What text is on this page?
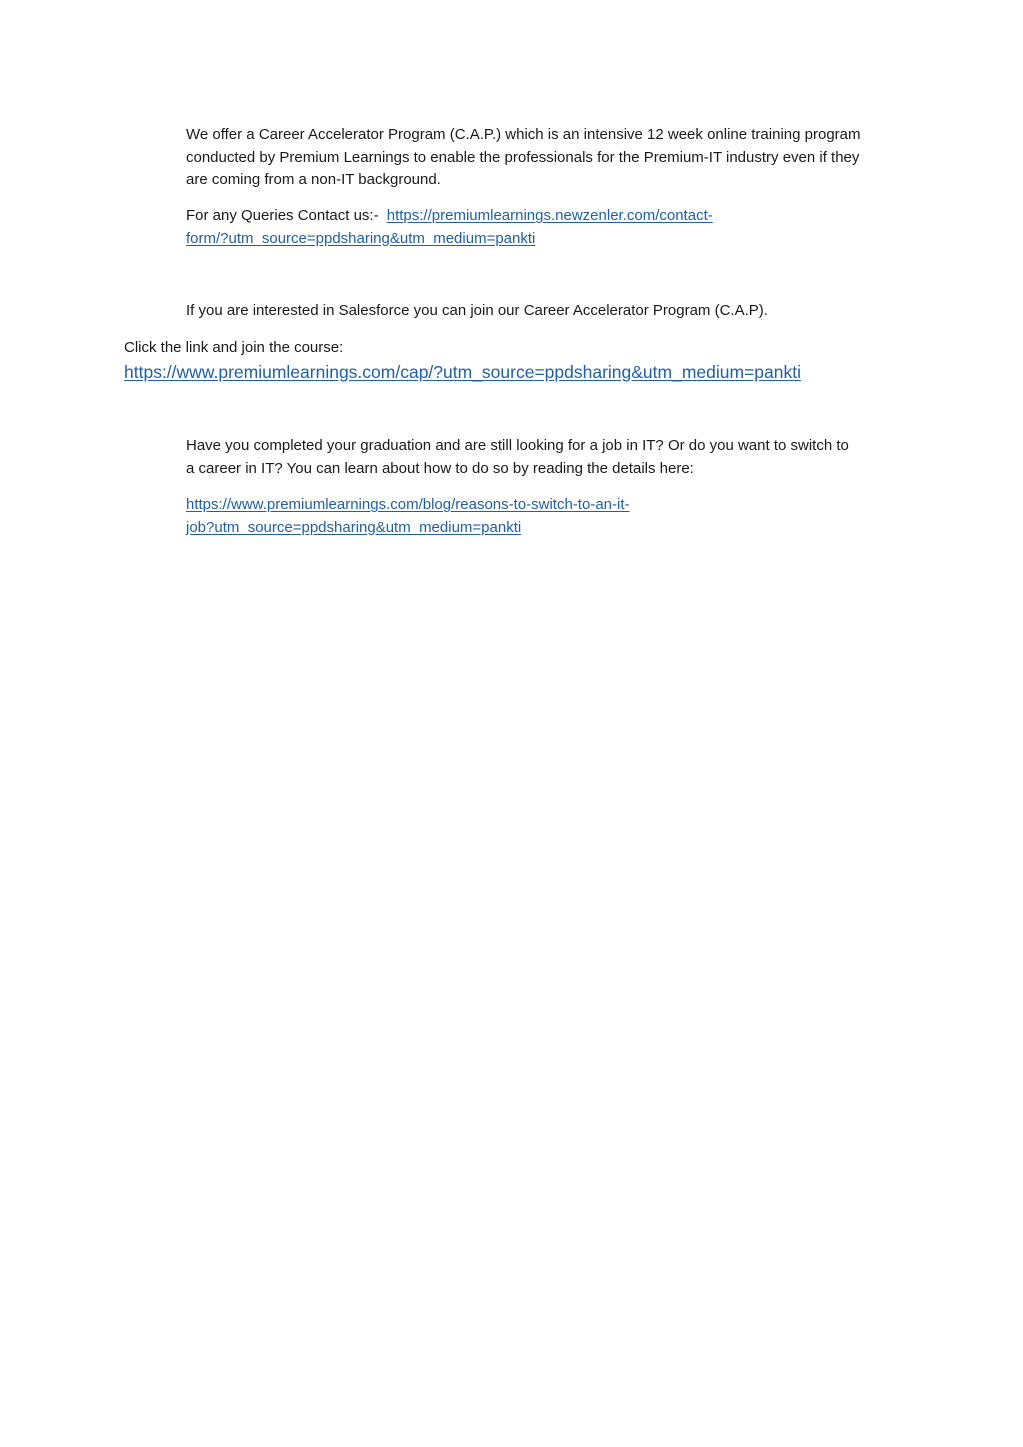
We offer a Career Accelerator Program (C.A.P.) which is an intensive 12 week online training program
conducted by Premium Learnings to enable the professionals for the Premium-IT industry even if they
are coming from a non-IT background.
For any Queries Contact us:- https://premiumlearnings.newzenler.com/contact-
form/?utm_source=ppdsharing&utm_medium=pankti
If you are interested in Salesforce you can join our Career Accelerator Program (C.A.P).
Click the link and join the course:
https://www.premiumlearnings.com/cap/?utm_source=ppdsharing&utm_medium=pankti
Have you completed your graduation and are still looking for a job in IT? Or do you want to switch to
a career in IT? You can learn about how to do so by reading the details here:
https://www.premiumlearnings.com/blog/reasons-to-switch-to-an-it-
job?utm_source=ppdsharing&utm_medium=pankti
